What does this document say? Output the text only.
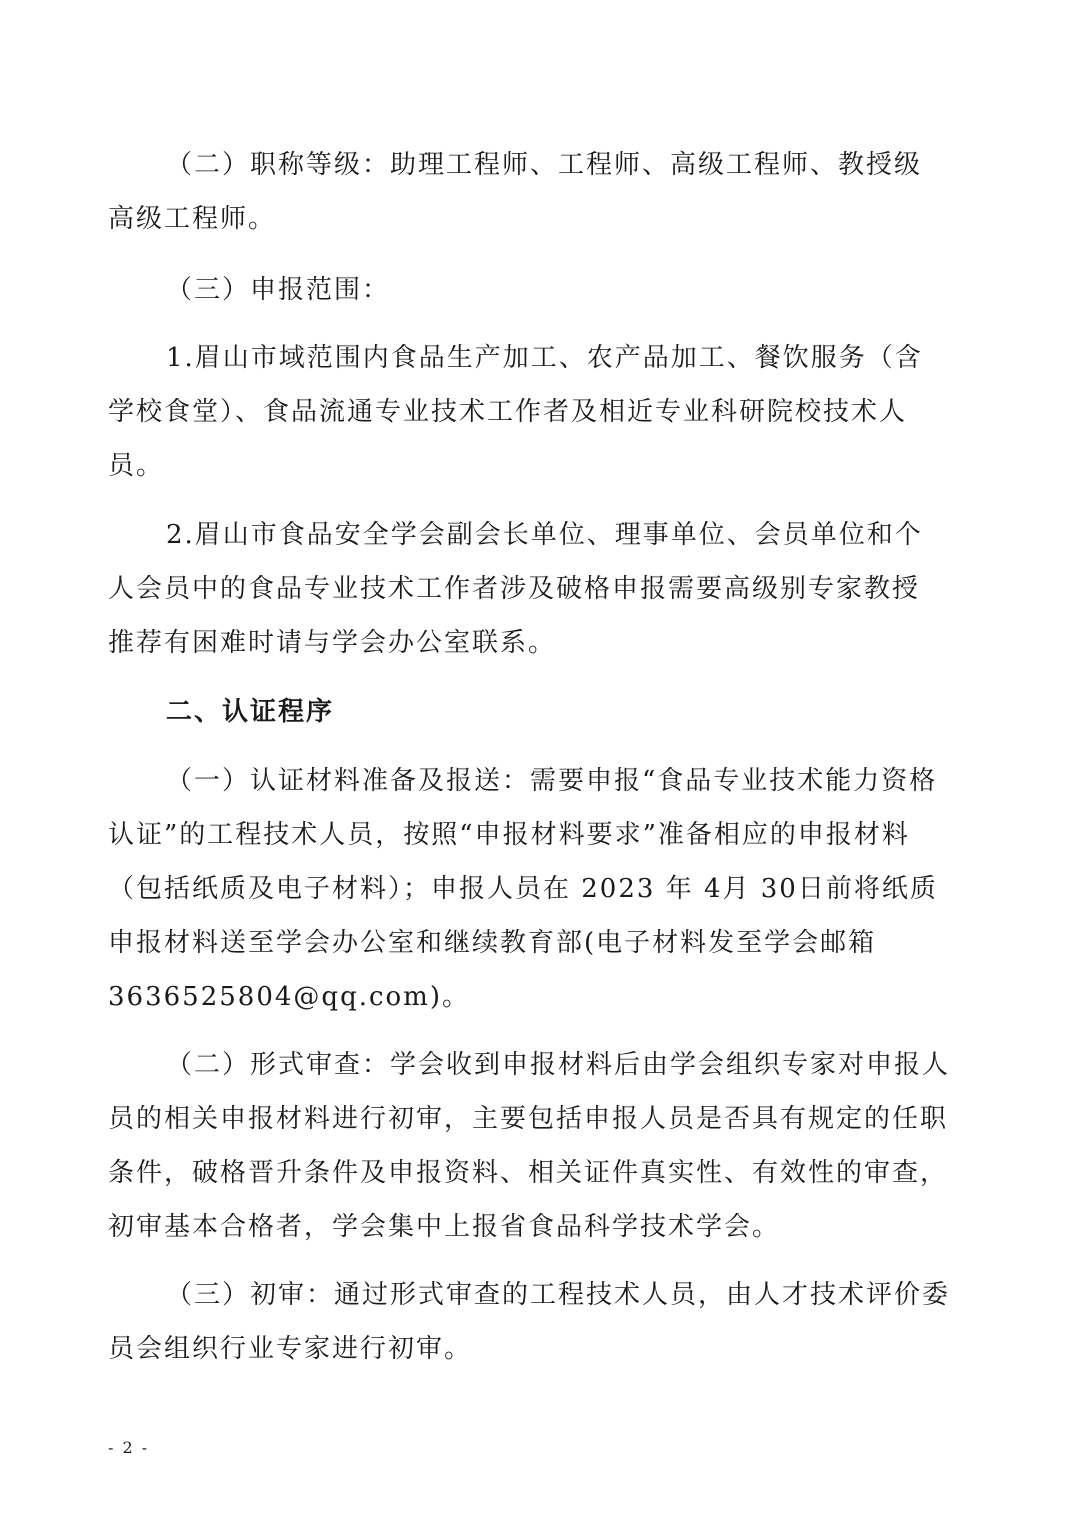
（二）职称等级：助理工程师、工程师、高级工程师、教授级
高级工程师。

（三）申报范围：

1.眉山市域范围内食品生产加工、农产品加工、餐饮服务（含
学校食堂）、食品流通专业技术工作者及相近专业科研院校技术人
员。

2.眉山市食品安全学会副会长单位、理事单位、会员单位和个
人会员中的食品专业技术工作者涉及破格申报需要高级别专家教授
推荐有困难时请与学会办公室联系。

二、认证程序

（一）认证材料准备及报送：需要申报“食品专业技术能力资格
认证”的工程技术人员，按照“申报材料要求”准备相应的申报材料
（包括纸质及电子材料）；申报人员在 2023 年 4月 30日前将纸质
申报材料送至学会办公室和继续教育部(电子材料发至学会邮箱
3636525804@qq.com)。

（二）形式审查：学会收到申报材料后由学会组织专家对申报人
员的相关申报材料进行初审，主要包括申报人员是否具有规定的任职
条件，破格晋升条件及申报资料、相关证件真实性、有效性的审查，
初审基本合格者，学会集中上报省食品科学技术学会。

（三）初审：通过形式审查的工程技术人员，由人才技术评价委
员会组织行业专家进行初审。

- 2 -
